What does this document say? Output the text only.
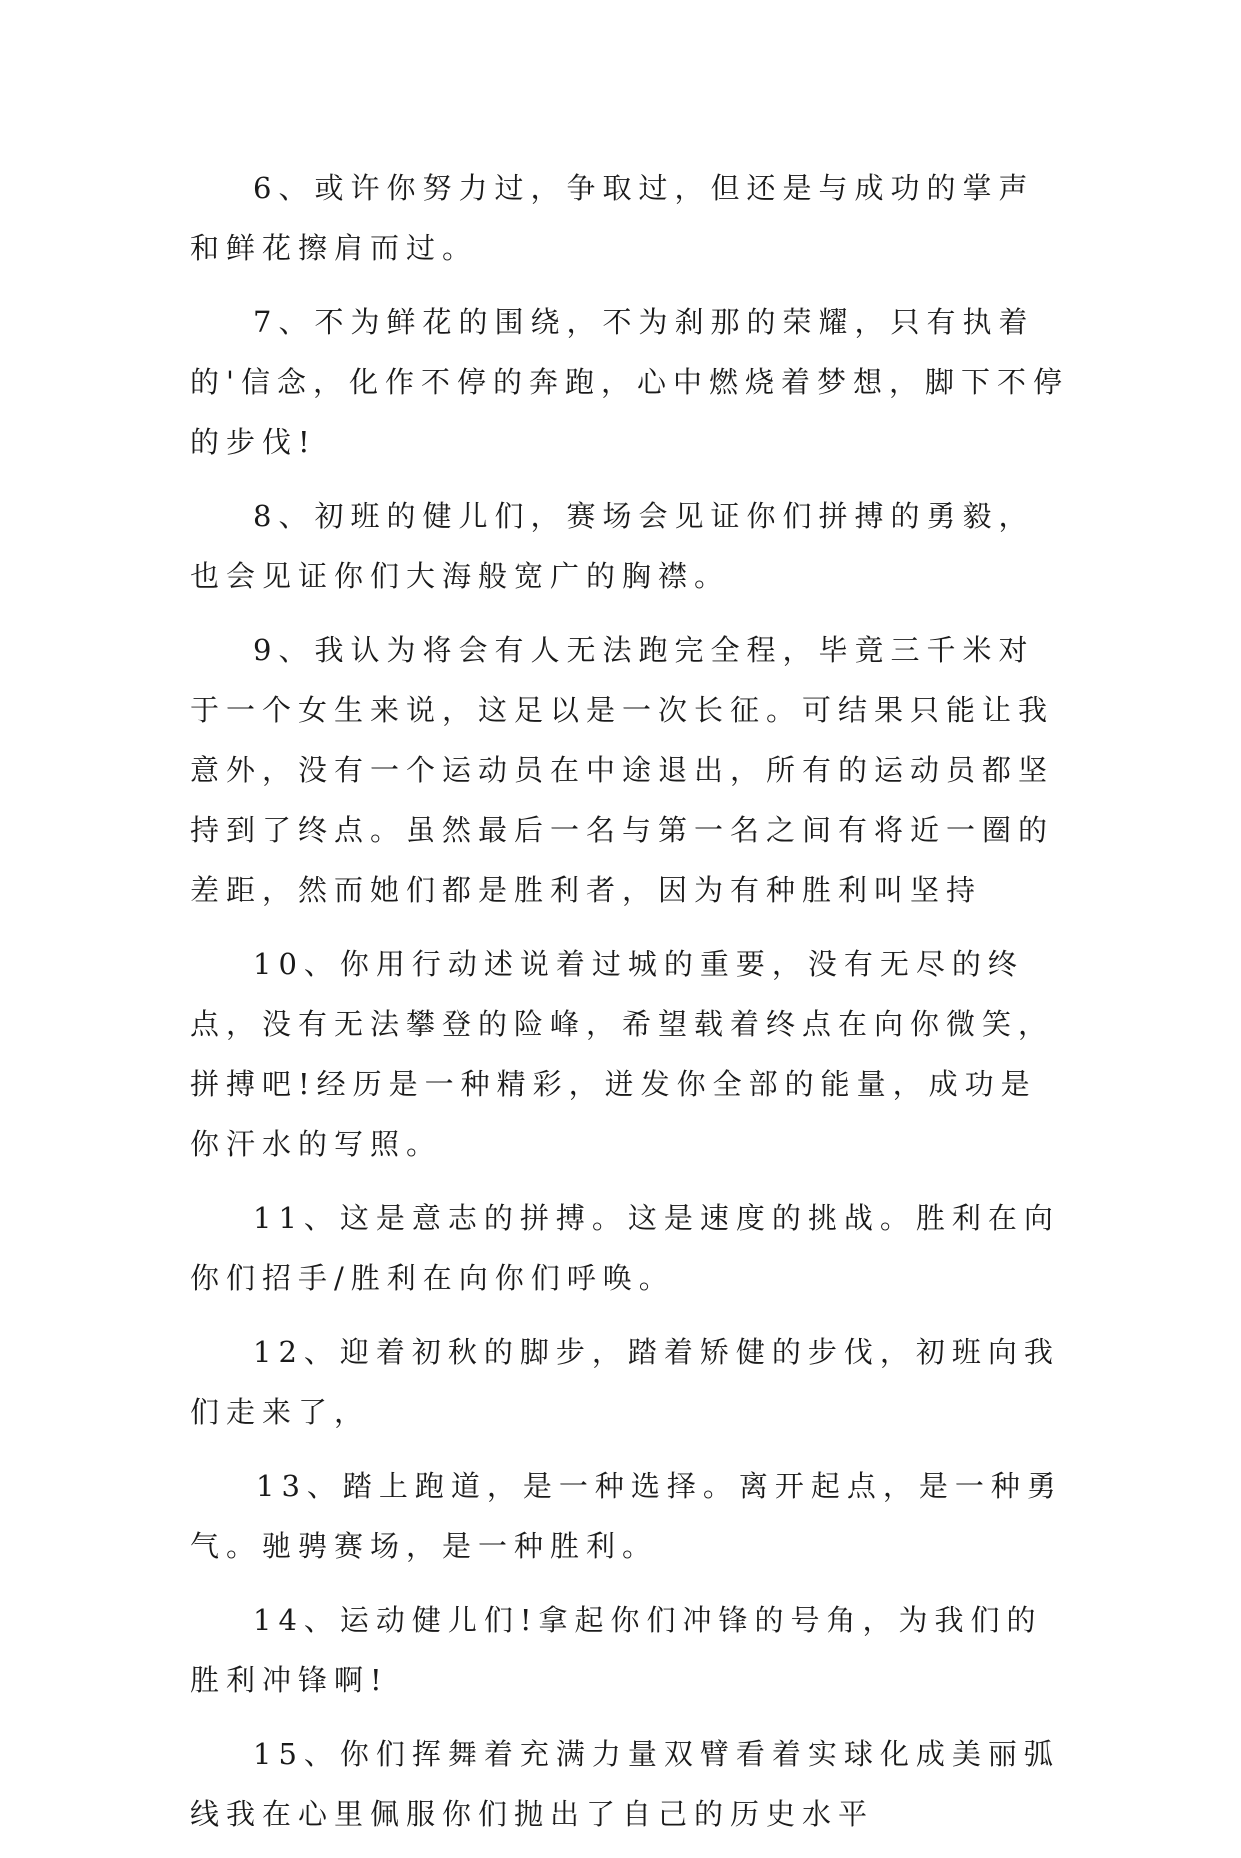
6、或许你努力过，争取过，但还是与成功的掌声和鲜花擦肩而过。

7、不为鲜花的围绕，不为刹那的荣耀，只有执着的'信念，化作不停的奔跑，心中燃烧着梦想，脚下不停的步伐!

8、初班的健儿们，赛场会见证你们拼搏的勇毅，也会见证你们大海般宽广的胸襟。

9、我认为将会有人无法跑完全程，毕竟三千米对于一个女生来说，这足以是一次长征。可结果只能让我意外，没有一个运动员在中途退出，所有的运动员都坚持到了终点。虽然最后一名与第一名之间有将近一圈的差距，然而她们都是胜利者，因为有种胜利叫坚持

10、你用行动述说着过城的重要，没有无尽的终点，没有无法攀登的险峰，希望载着终点在向你微笑，拼搏吧!经历是一种精彩，迸发你全部的能量，成功是你汗水的写照。

11、这是意志的拼搏。这是速度的挑战。胜利在向你们招手/胜利在向你们呼唤。

12、迎着初秋的脚步，踏着矫健的步伐，初班向我们走来了，

13、踏上跑道，是一种选择。离开起点，是一种勇气。驰骋赛场，是一种胜利。

14、运动健儿们!拿起你们冲锋的号角，为我们的胜利冲锋啊!

15、你们挥舞着充满力量双臂看着实球化成美丽弧线我在心里佩服你们抛出了自己的历史水平
